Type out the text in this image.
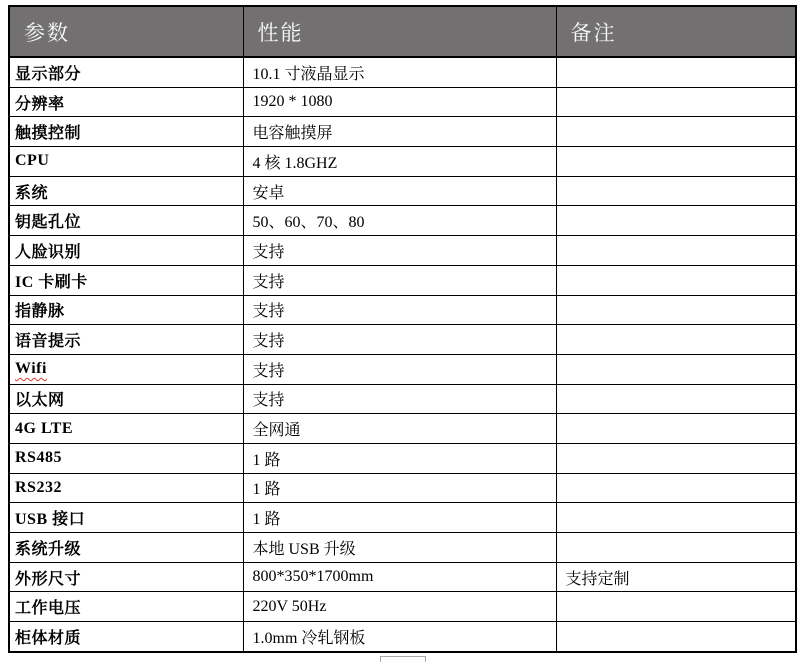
参数	性能	备注
显示部分	10.1 寸液晶显示	
分辨率	1920 * 1080	
触摸控制	电容触摸屏	
CPU	4 核 1.8GHZ	
系统	安卓	
钥匙孔位	50、60、70、80	
人脸识别	支持	
IC 卡刷卡	支持	
指静脉	支持	
语音提示	支持	
Wifi	支持	
以太网	支持	
4G LTE	全网通	
RS485	1 路	
RS232	1 路	
USB 接口	1 路	
系统升级	本地 USB 升级	
外形尺寸	800*350*1700mm	支持定制
工作电压	220V 50Hz	
柜体材质	1.0mm 冷轧钢板	
